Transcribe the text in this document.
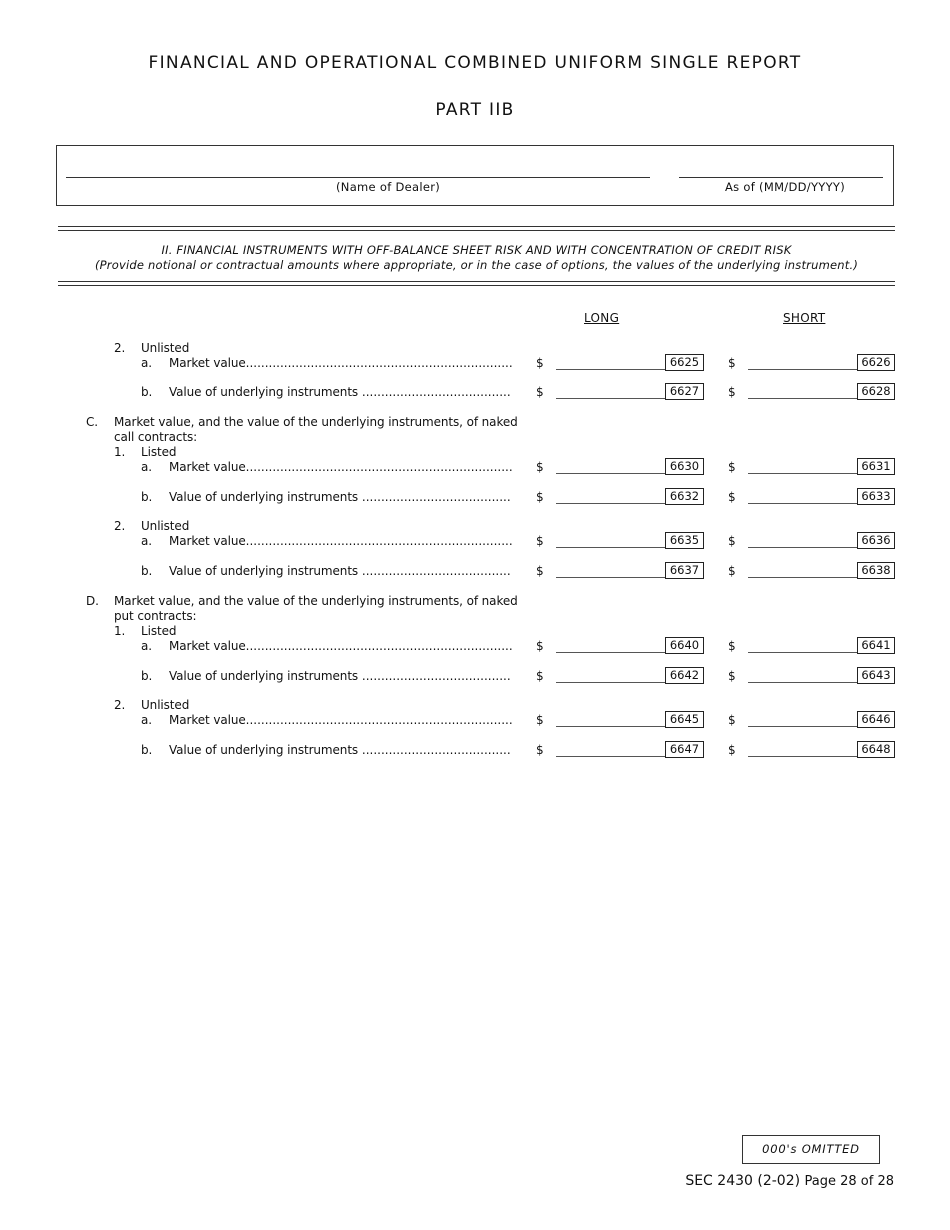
FINANCIAL AND OPERATIONAL COMBINED UNIFORM SINGLE REPORT
PART IIB
(Name of Dealer)	As of (MM/DD/YYYY)
II. FINANCIAL INSTRUMENTS WITH OFF-BALANCE SHEET RISK AND WITH CONCENTRATION OF CREDIT RISK
(Provide notional or contractual amounts where appropriate, or in the case of options, the values of the underlying instrument.)
LONG	SHORT
2. Unlisted
a. Market value...................................................................... $	6625	$	6626
b. Value of underlying instruments ....................................... $	6627	$	6628
C. Market value, and the value of the underlying instruments, of naked
call contracts:
1. Listed
a. Market value...................................................................... $	6630	$	6631
b. Value of underlying instruments ....................................... $	6632	$	6633
2. Unlisted
a. Market value...................................................................... $	6635	$	6636
b. Value of underlying instruments ....................................... $	6637	$	6638
D. Market value, and the value of the underlying instruments, of naked
put contracts:
1. Listed
a. Market value...................................................................... $	6640	$	6641
b. Value of underlying instruments ....................................... $	6642	$	6643
2. Unlisted
a. Market value...................................................................... $	6645	$	6646
b. Value of underlying instruments ....................................... $	6647	$	6648
000's OMITTED
SEC 2430 (2-02) Page 28 of 28
